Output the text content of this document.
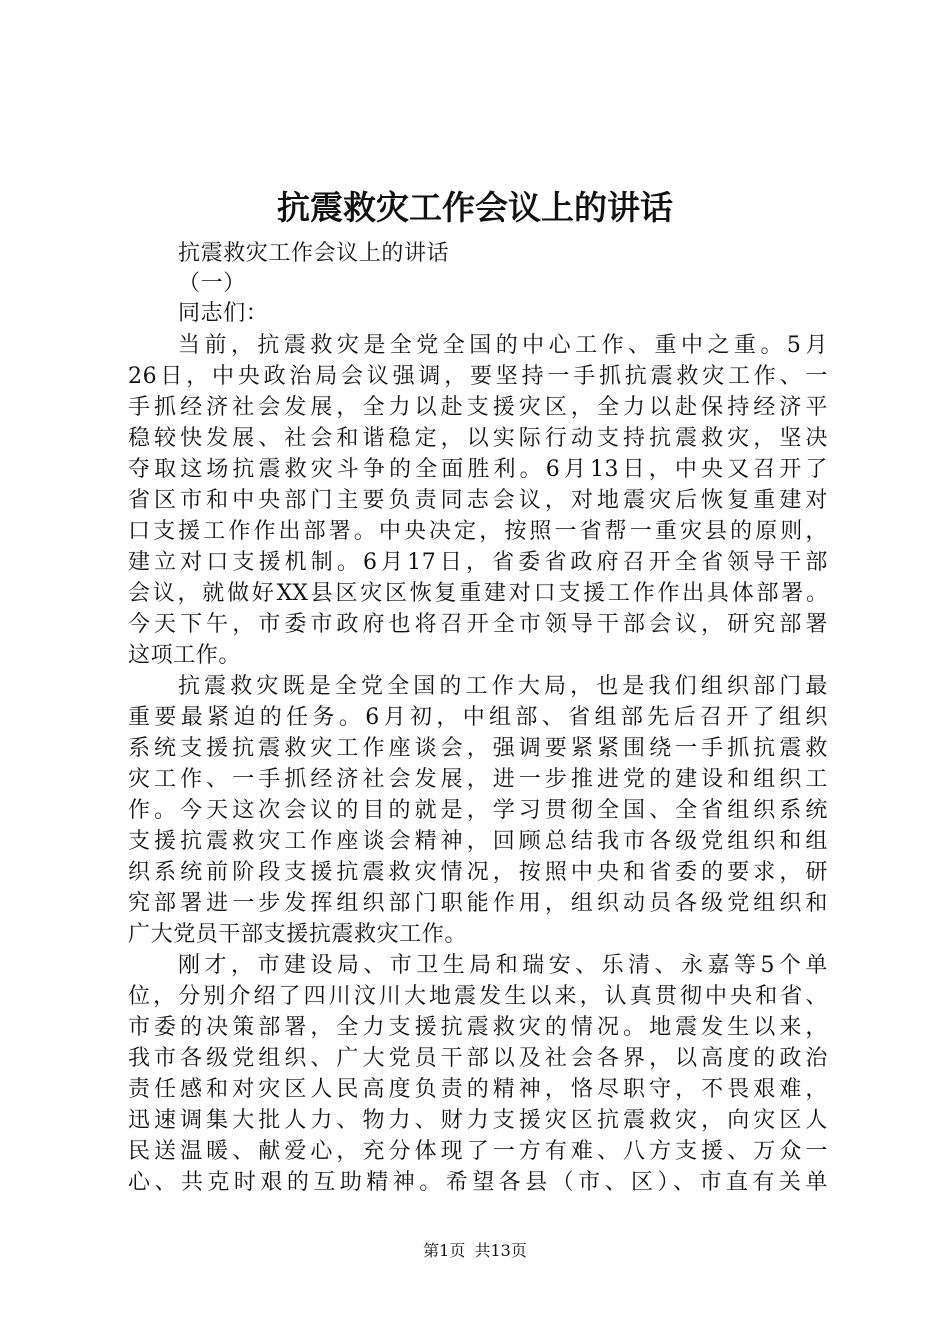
抗震救灾工作会议上的讲话
抗震救灾工作会议上的讲话
（一）
同志们：
当前，抗震救灾是全党全国的中心工作、重中之重。5月
26日，中央政治局会议强调，要坚持一手抓抗震救灾工作、一
手抓经济社会发展，全力以赴支援灾区，全力以赴保持经济平
稳较快发展、社会和谐稳定，以实际行动支持抗震救灾，坚决
夺取这场抗震救灾斗争的全面胜利。6月13日，中央又召开了
省区市和中央部门主要负责同志会议，对地震灾后恢复重建对
口支援工作作出部署。中央决定，按照一省帮一重灾县的原则，
建立对口支援机制。6月17日，省委省政府召开全省领导干部
会议，就做好XX县区灾区恢复重建对口支援工作作出具体部署。
今天下午，市委市政府也将召开全市领导干部会议，研究部署
这项工作。
抗震救灾既是全党全国的工作大局，也是我们组织部门最
重要最紧迫的任务。6月初，中组部、省组部先后召开了组织
系统支援抗震救灾工作座谈会，强调要紧紧围绕一手抓抗震救
灾工作、一手抓经济社会发展，进一步推进党的建设和组织工
作。今天这次会议的目的就是，学习贯彻全国、全省组织系统
支援抗震救灾工作座谈会精神，回顾总结我市各级党组织和组
织系统前阶段支援抗震救灾情况，按照中央和省委的要求，研
究部署进一步发挥组织部门职能作用，组织动员各级党组织和
广大党员干部支援抗震救灾工作。
刚才，市建设局、市卫生局和瑞安、乐清、永嘉等5个单
位，分别介绍了四川汶川大地震发生以来，认真贯彻中央和省、
市委的决策部署，全力支援抗震救灾的情况。地震发生以来，
我市各级党组织、广大党员干部以及社会各界，以高度的政治
责任感和对灾区人民高度负责的精神，恪尽职守，不畏艰难，
迅速调集大批人力、物力、财力支援灾区抗震救灾，向灾区人
民送温暖、献爱心，充分体现了一方有难、八方支援、万众一
心、共克时艰的互助精神。希望各县（市、区）、市直有关单
第1页 共13页
